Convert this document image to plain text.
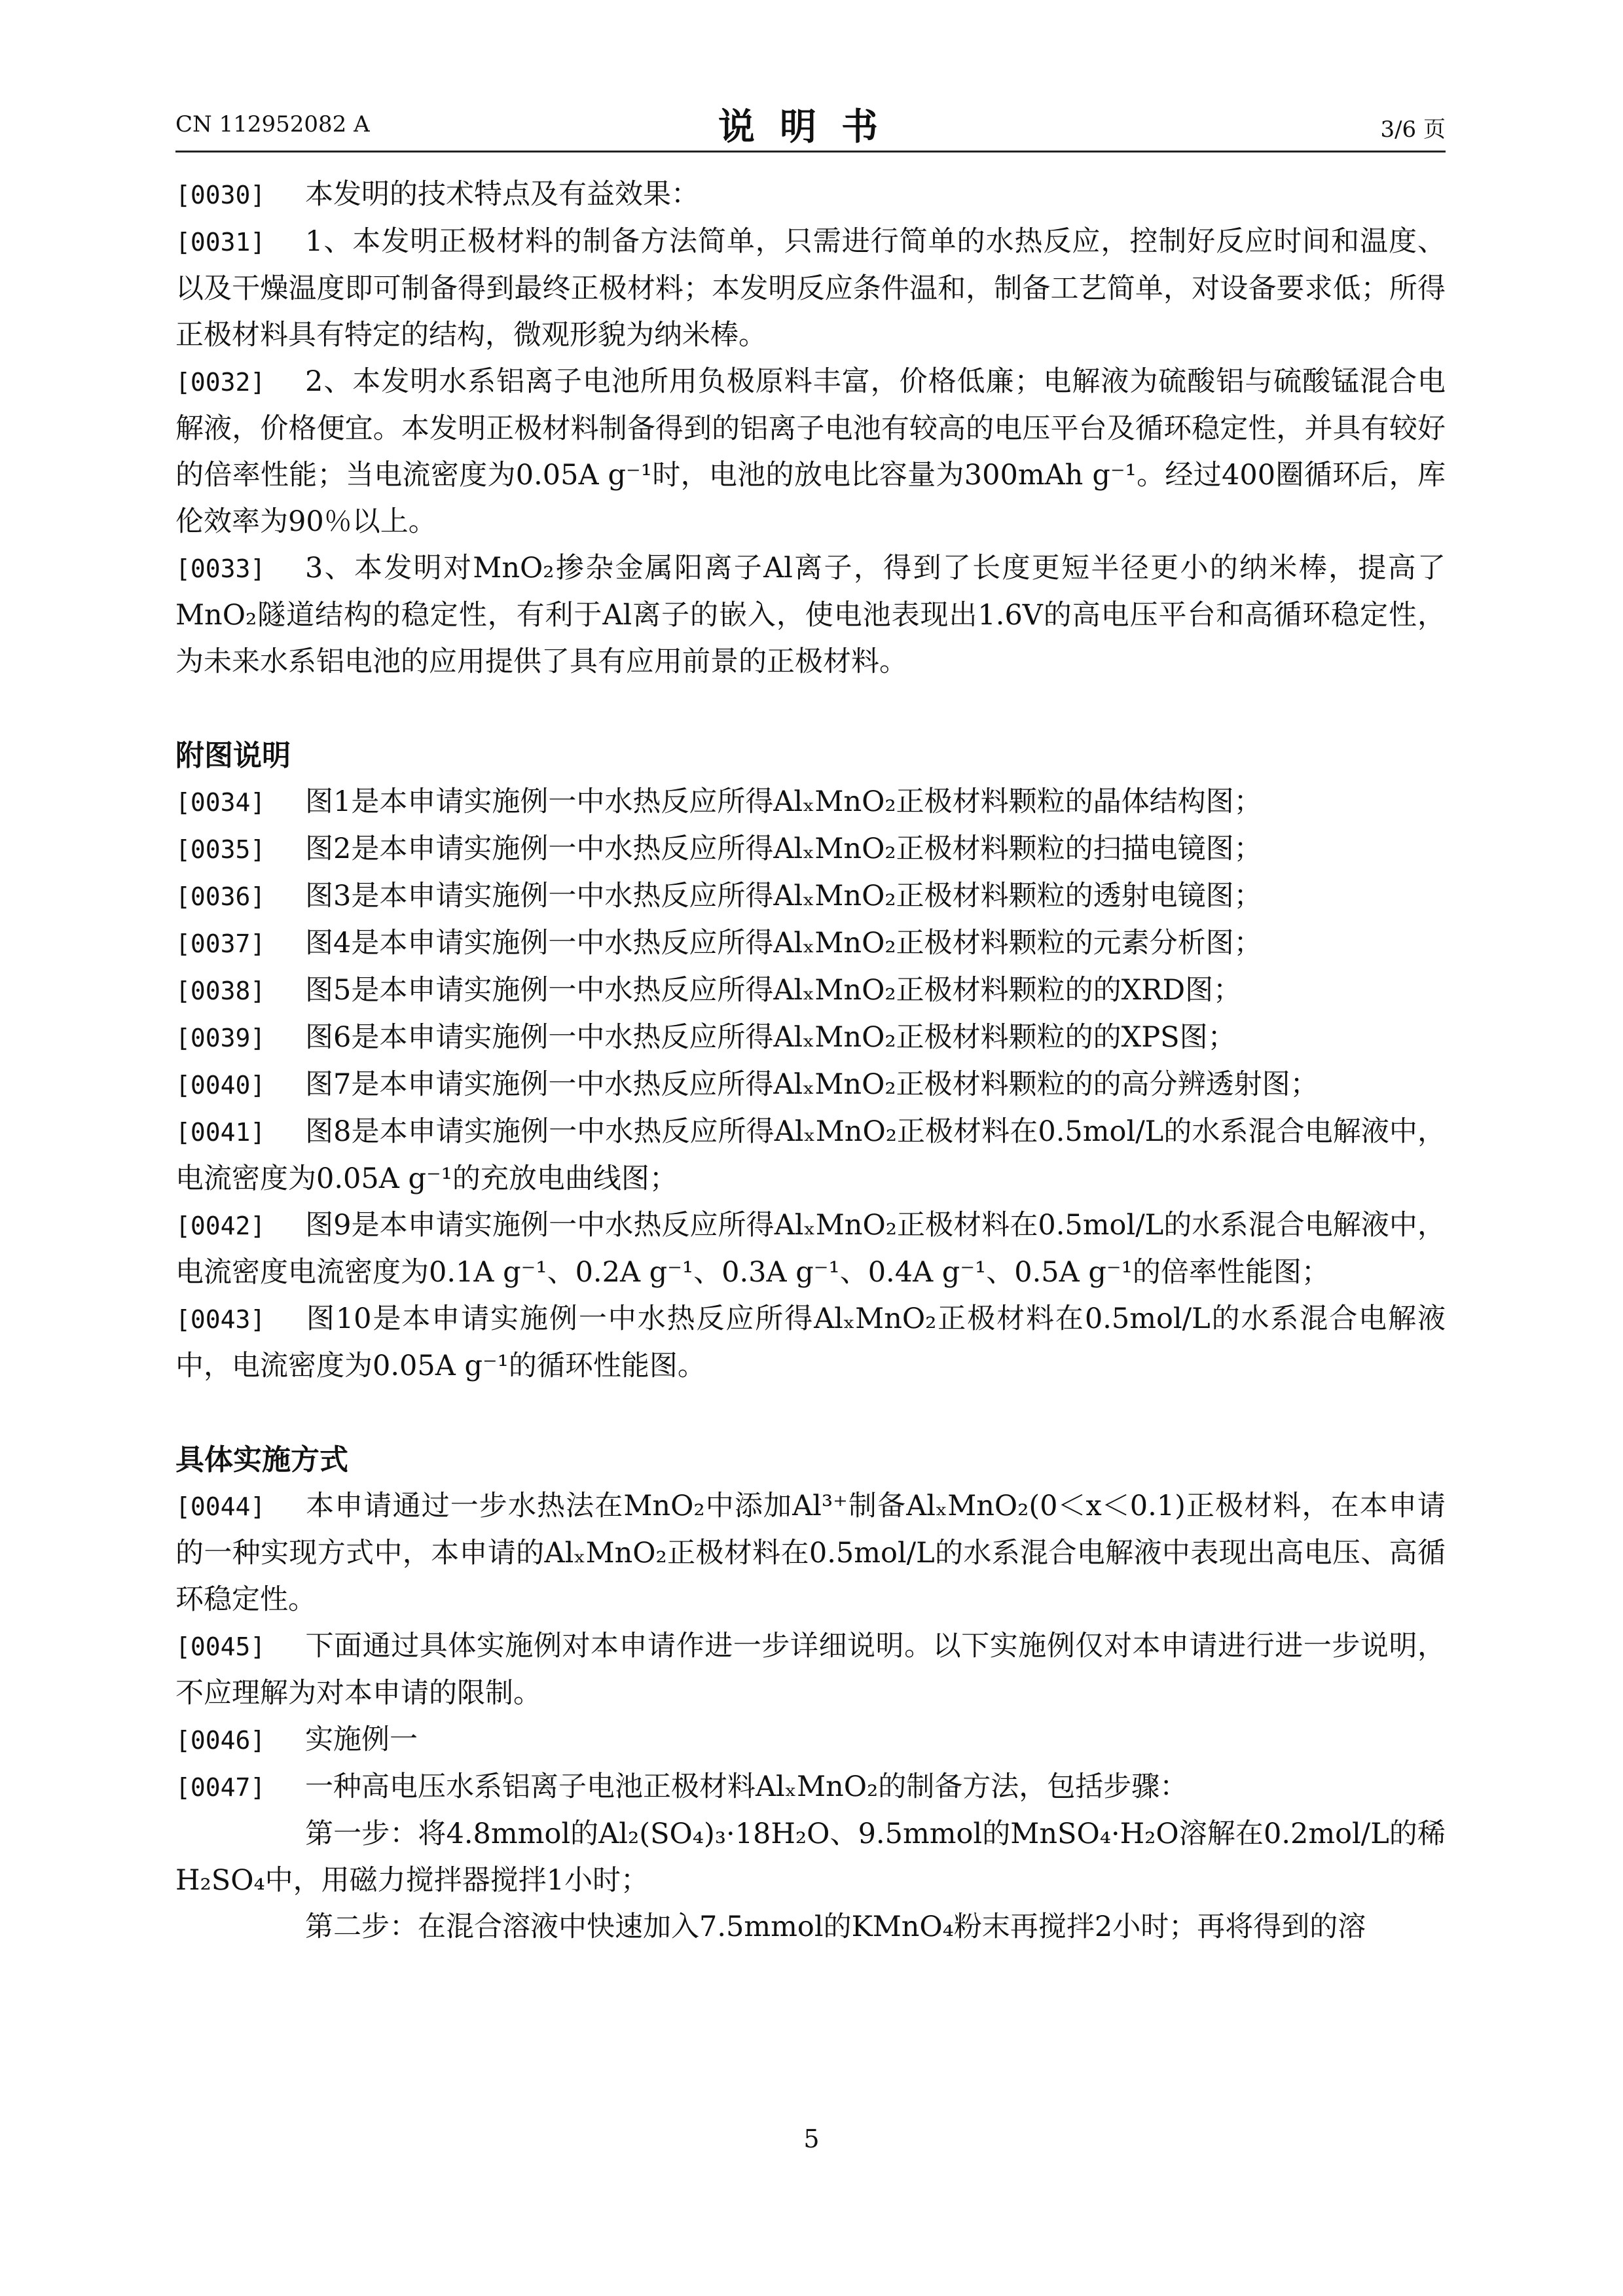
CN 112952082 A	说明书	3/6 页

[0030] 本发明的技术特点及有益效果：

[0031] 1、本发明正极材料的制备方法简单，只需进行简单的水热反应，控制好反应时间和温度、以及干燥温度即可制备得到最终正极材料；本发明反应条件温和，制备工艺简单，对设备要求低；所得正极材料具有特定的结构，微观形貌为纳米棒。

[0032] 2、本发明水系铝离子电池所用负极原料丰富，价格低廉；电解液为硫酸铝与硫酸锰混合电解液，价格便宜。本发明正极材料制备得到的铝离子电池有较高的电压平台及循环稳定性，并具有较好的倍率性能；当电流密度为0.05A g⁻¹时，电池的放电比容量为300mAh g⁻¹。经过400圈循环后，库伦效率为90％以上。

[0033] 3、本发明对MnO₂掺杂金属阳离子Al离子，得到了长度更短半径更小的纳米棒，提高了MnO₂隧道结构的稳定性，有利于Al离子的嵌入，使电池表现出1.6V的高电压平台和高循环稳定性，为未来水系铝电池的应用提供了具有应用前景的正极材料。

附图说明

[0034] 图1是本申请实施例一中水热反应所得AlₓMnO₂正极材料颗粒的晶体结构图；

[0035] 图2是本申请实施例一中水热反应所得AlₓMnO₂正极材料颗粒的扫描电镜图；

[0036] 图3是本申请实施例一中水热反应所得AlₓMnO₂正极材料颗粒的透射电镜图；

[0037] 图4是本申请实施例一中水热反应所得AlₓMnO₂正极材料颗粒的元素分析图；

[0038] 图5是本申请实施例一中水热反应所得AlₓMnO₂正极材料颗粒的的XRD图；

[0039] 图6是本申请实施例一中水热反应所得AlₓMnO₂正极材料颗粒的的XPS图；

[0040] 图7是本申请实施例一中水热反应所得AlₓMnO₂正极材料颗粒的的高分辨透射图；

[0041] 图8是本申请实施例一中水热反应所得AlₓMnO₂正极材料在0.5mol/L的水系混合电解液中，电流密度为0.05A g⁻¹的充放电曲线图；

[0042] 图9是本申请实施例一中水热反应所得AlₓMnO₂正极材料在0.5mol/L的水系混合电解液中，电流密度电流密度为0.1A g⁻¹、0.2A g⁻¹、0.3A g⁻¹、0.4A g⁻¹、0.5A g⁻¹的倍率性能图；

[0043] 图10是本申请实施例一中水热反应所得AlₓMnO₂正极材料在0.5mol/L的水系混合电解液中，电流密度为0.05A g⁻¹的循环性能图。

具体实施方式

[0044] 本申请通过一步水热法在MnO₂中添加Al³⁺制备AlₓMnO₂(0＜x＜0.1)正极材料，在本申请的一种实现方式中，本申请的AlₓMnO₂正极材料在0.5mol/L的水系混合电解液中表现出高电压、高循环稳定性。

[0045] 下面通过具体实施例对本申请作进一步详细说明。以下实施例仅对本申请进行进一步说明，不应理解为对本申请的限制。

[0046] 实施例一

[0047] 一种高电压水系铝离子电池正极材料AlₓMnO₂的制备方法，包括步骤：

第一步：将4.8mmol的Al₂(SO₄)₃·18H₂O、9.5mmol的MnSO₄·H₂O溶解在0.2mol/L的稀H₂SO₄中，用磁力搅拌器搅拌1小时；

第二步：在混合溶液中快速加入7.5mmol的KMnO₄粉末再搅拌2小时；再将得到的溶

5
